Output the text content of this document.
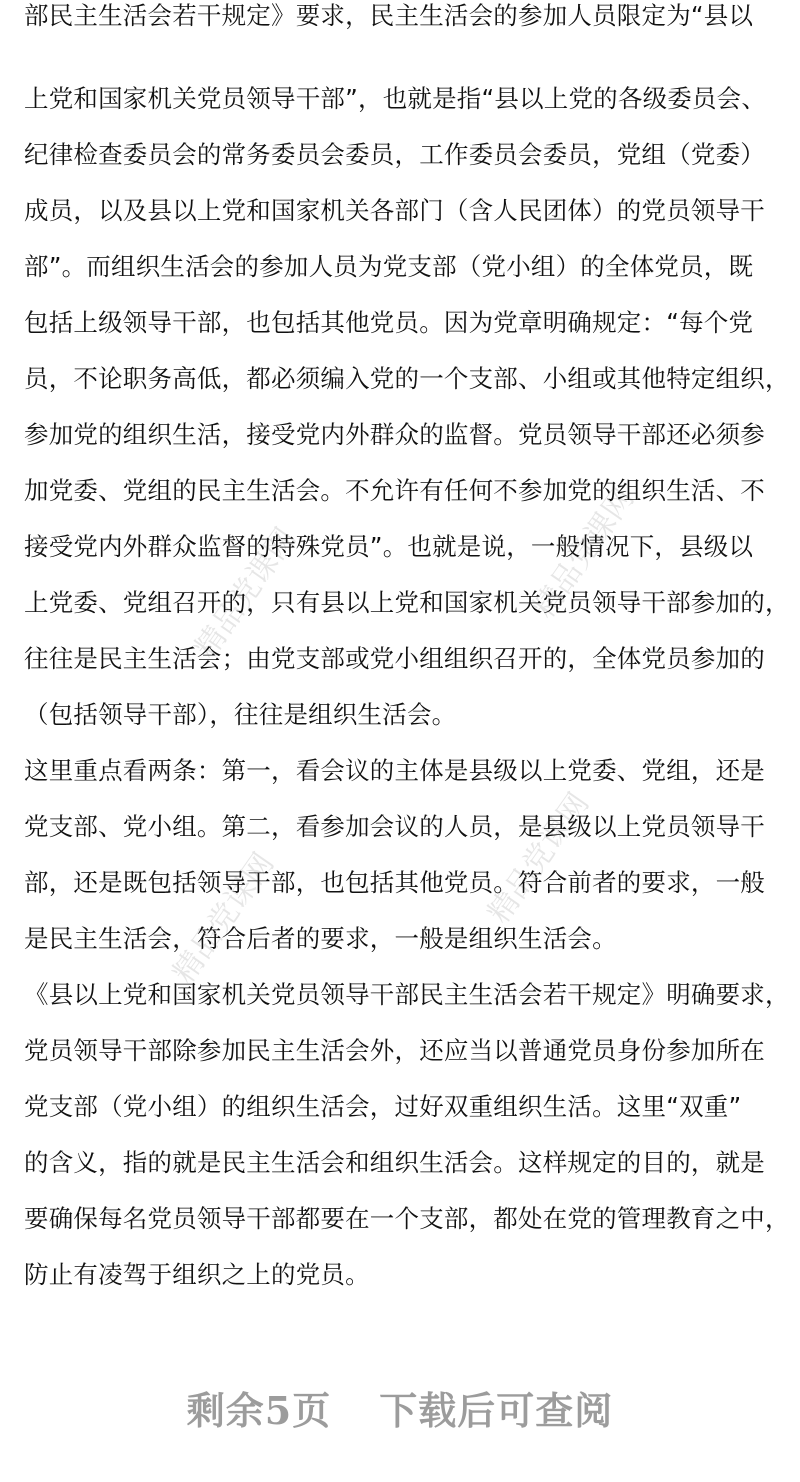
精品党课网	精品党课网
精品党课网	精品党课网
部民主生活会若干规定》要求，民主生活会的参加人员限定为“县以
上党和国家机关党员领导干部”，也就是指“县以上党的各级委员会、
纪律检查委员会的常务委员会委员，工作委员会委员，党组（党委）
成员，以及县以上党和国家机关各部门（含人民团体）的党员领导干
部”。而组织生活会的参加人员为党支部（党小组）的全体党员，既
包括上级领导干部，也包括其他党员。因为党章明确规定：“每个党
员，不论职务高低，都必须编入党的一个支部、小组或其他特定组织，
参加党的组织生活，接受党内外群众的监督。党员领导干部还必须参
加党委、党组的民主生活会。不允许有任何不参加党的组织生活、不
接受党内外群众监督的特殊党员”。也就是说，一般情况下，县级以
上党委、党组召开的，只有县以上党和国家机关党员领导干部参加的，
往往是民主生活会；由党支部或党小组组织召开的，全体党员参加的
（包括领导干部），往往是组织生活会。
这里重点看两条：第一，看会议的主体是县级以上党委、党组，还是
党支部、党小组。第二，看参加会议的人员，是县级以上党员领导干
部，还是既包括领导干部，也包括其他党员。符合前者的要求，一般
是民主生活会，符合后者的要求，一般是组织生活会。
《县以上党和国家机关党员领导干部民主生活会若干规定》明确要求，
党员领导干部除参加民主生活会外，还应当以普通党员身份参加所在
党支部（党小组）的组织生活会，过好双重组织生活。这里“双重”
的含义，指的就是民主生活会和组织生活会。这样规定的目的，就是
要确保每名党员领导干部都要在一个支部，都处在党的管理教育之中，
防止有凌驾于组织之上的党员。
剩余5页 下载后可查阅
